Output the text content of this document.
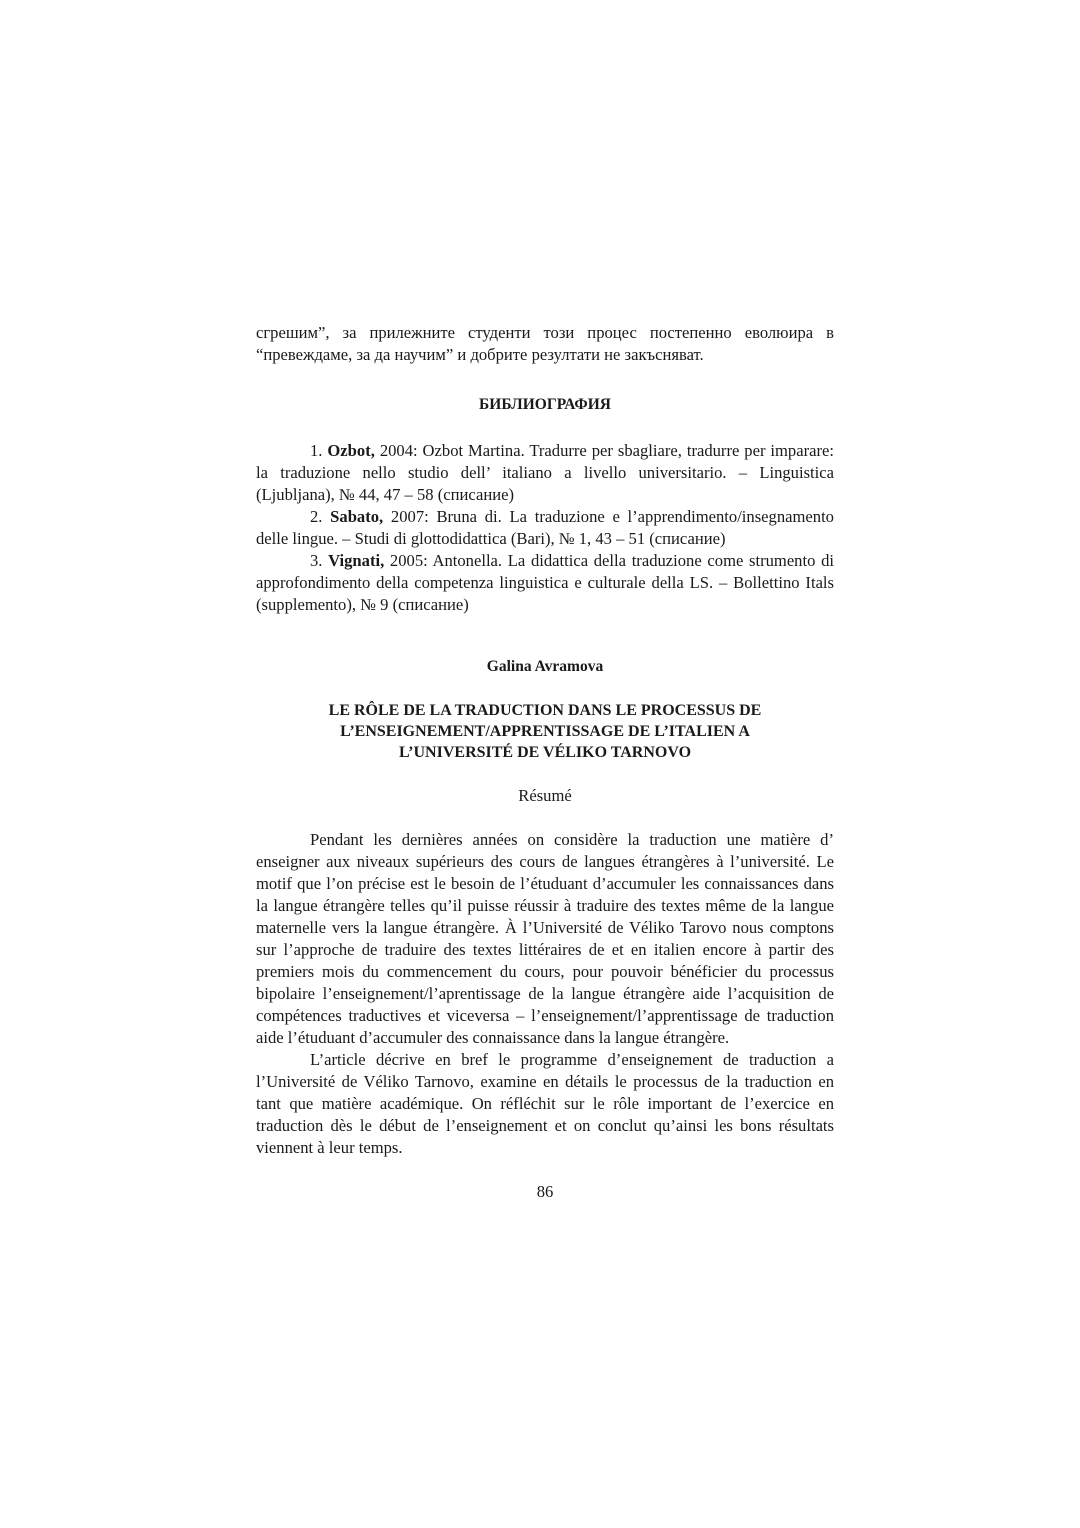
сгрешим”, за прилежните студенти този процес постепенно еволюира в “превеждаме, за да научим” и добрите резултати не закъсняват.

БИБЛИОГРАФИЯ

1. Ozbot, 2004: Ozbot Martina. Tradurre per sbagliare, tradurre per imparare: la traduzione nello studio dell’ italiano a livello universitario. – Linguistica (Ljubljana), № 44, 47 – 58 (списание)

2. Sabato, 2007: Bruna di. La traduzione e l’apprendimento/insegnamento delle lingue. – Studi di glottodidattica (Bari), № 1, 43 – 51 (списание)

3. Vignati, 2005: Antonella. La didattica della traduzione come strumento di approfondimento della competenza linguistica e culturale della LS. – Bollettino Itals (supplemento), № 9 (списание)

Galina Avramova

LE RÔLE DE LA TRADUCTION DANS LE PROCESSUS DE
L’ENSEIGNEMENT/APPRENTISSAGE DE L’ITALIEN A
L’UNIVERSITÉ DE VÉLIKO TARNOVO

Résumé

Pendant les dernières années on considère la traduction une matière d’ enseigner aux niveaux supérieurs des cours de langues étrangères à l’université. Le motif que l’on précise est le besoin de l’étuduant d’accumuler les connaissances dans la langue étrangère telles qu’il puisse réussir à traduire des textes même de la langue maternelle vers la langue étrangère. À l’Université de Véliko Tarovo nous comptons sur l’approche de traduire des textes littéraires de et en italien encore à partir des premiers mois du commencement du cours, pour pouvoir bénéficier du processus bipolaire l’enseignement/l’aprentissage de la langue étrangère aide l’acquisition de compétences traductives et viceversa – l’enseignement/l’apprentissage de traduction aide l’étuduant d’accumuler des connaissance dans la langue étrangère.

L’article décrive en bref le programme d’enseignement de traduction a l’Université de Véliko Tarnovo, examine en détails le processus de la traduction en tant que matière académique. On réfléchit sur le rôle important de l’exercice en traduction dès le début de l’enseignement et on conclut qu’ainsi les bons résultats viennent à leur temps.

86
